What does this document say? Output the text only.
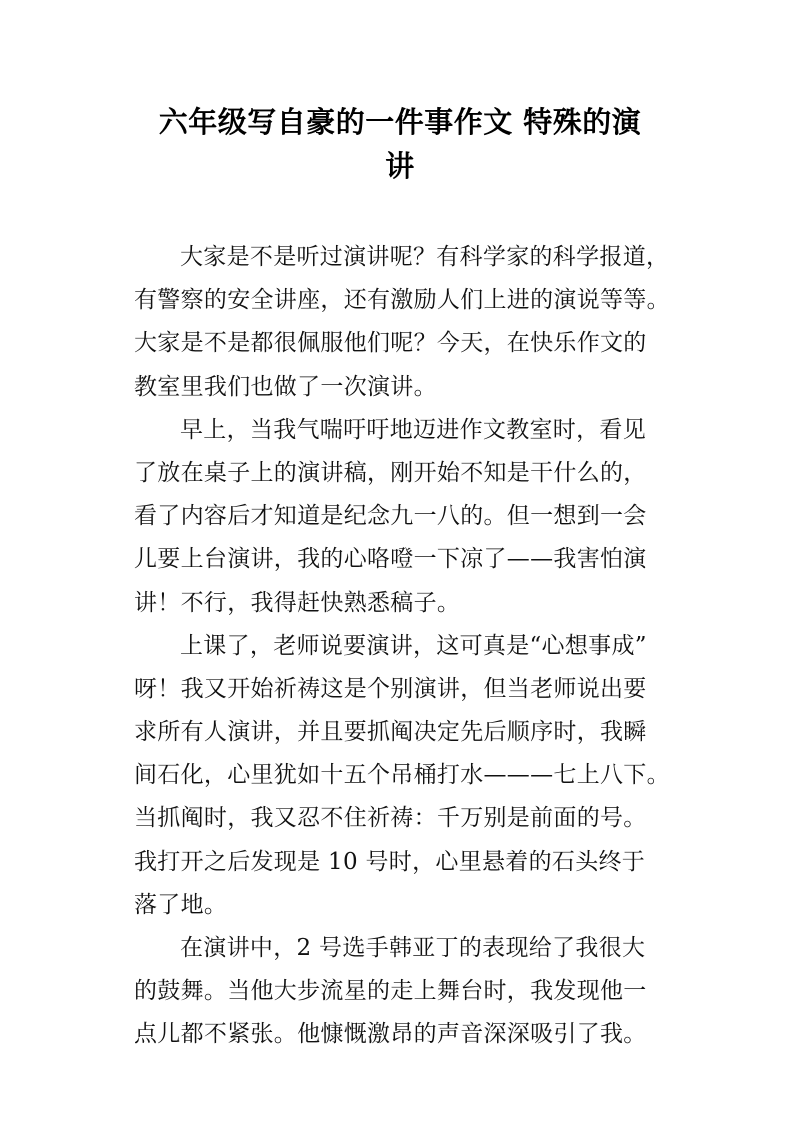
六年级写自豪的一件事作文 特殊的演
讲
大家是不是听过演讲呢？有科学家的科学报道，
有警察的安全讲座，还有激励人们上进的演说等等。
大家是不是都很佩服他们呢？今天，在快乐作文的
教室里我们也做了一次演讲。
早上，当我气喘吁吁地迈进作文教室时，看见
了放在桌子上的演讲稿，刚开始不知是干什么的，
看了内容后才知道是纪念九一八的。但一想到一会
儿要上台演讲，我的心咯噔一下凉了——我害怕演
讲！不行，我得赶快熟悉稿子。
上课了，老师说要演讲，这可真是“心想事成”
呀！我又开始祈祷这是个别演讲，但当老师说出要
求所有人演讲，并且要抓阄决定先后顺序时，我瞬
间石化，心里犹如十五个吊桶打水———七上八下。
当抓阄时，我又忍不住祈祷：千万别是前面的号。
我打开之后发现是 10 号时，心里悬着的石头终于
落了地。
在演讲中，2 号选手韩亚丁的表现给了我很大
的鼓舞。当他大步流星的走上舞台时，我发现他一
点儿都不紧张。他慷慨激昂的声音深深吸引了我。
